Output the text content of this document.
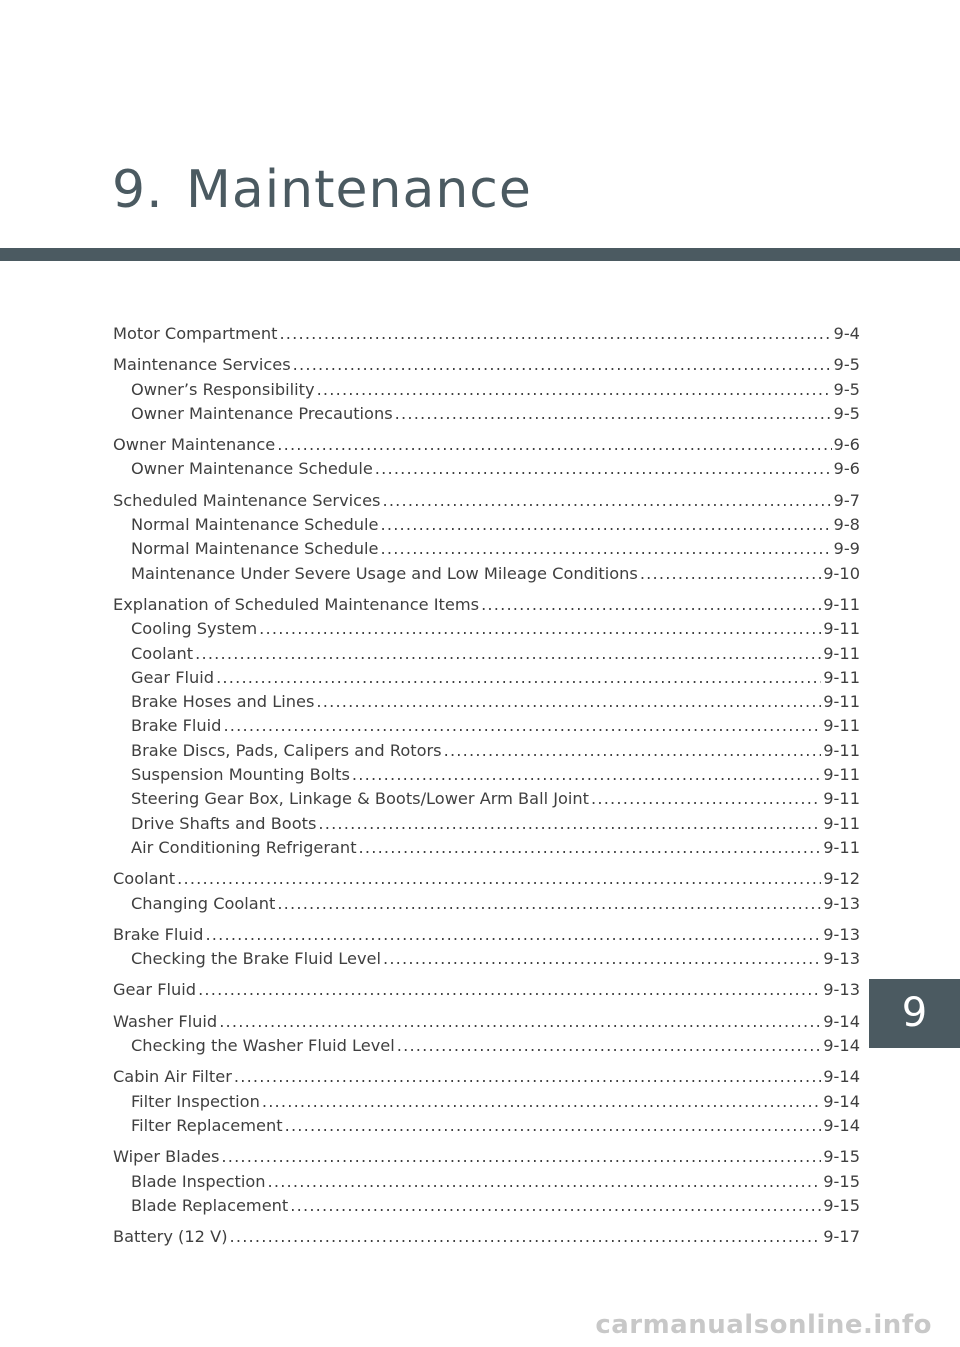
9. Maintenance
Motor Compartment .....	9-4
Maintenance Services .....	9-5
Owner’s Responsibility .....	9-5
Owner Maintenance Precautions .....	9-5
Owner Maintenance .....	9-6
Owner Maintenance Schedule .....	9-6
Scheduled Maintenance Services .....	9-7
Normal Maintenance Schedule .....	9-8
Normal Maintenance Schedule .....	9-9
Maintenance Under Severe Usage and Low Mileage Conditions .....	9-10
Explanation of Scheduled Maintenance Items .....	9-11
Cooling System .....	9-11
Coolant .....	9-11
Gear Fluid .....	9-11
Brake Hoses and Lines .....	9-11
Brake Fluid .....	9-11
Brake Discs, Pads, Calipers and Rotors .....	9-11
Suspension Mounting Bolts .....	9-11
Steering Gear Box, Linkage & Boots/Lower Arm Ball Joint .....	9-11
Drive Shafts and Boots .....	9-11
Air Conditioning Refrigerant .....	9-11
Coolant .....	9-12
Changing Coolant .....	9-13
Brake Fluid .....	9-13
Checking the Brake Fluid Level .....	9-13
Gear Fluid .....	9-13
Washer Fluid .....	9-14
Checking the Washer Fluid Level .....	9-14
Cabin Air Filter .....	9-14
Filter Inspection .....	9-14
Filter Replacement .....	9-14
Wiper Blades .....	9-15
Blade Inspection .....	9-15
Blade Replacement .....	9-15
Battery (12 V) .....	9-17
9
carmanualsonline.info
